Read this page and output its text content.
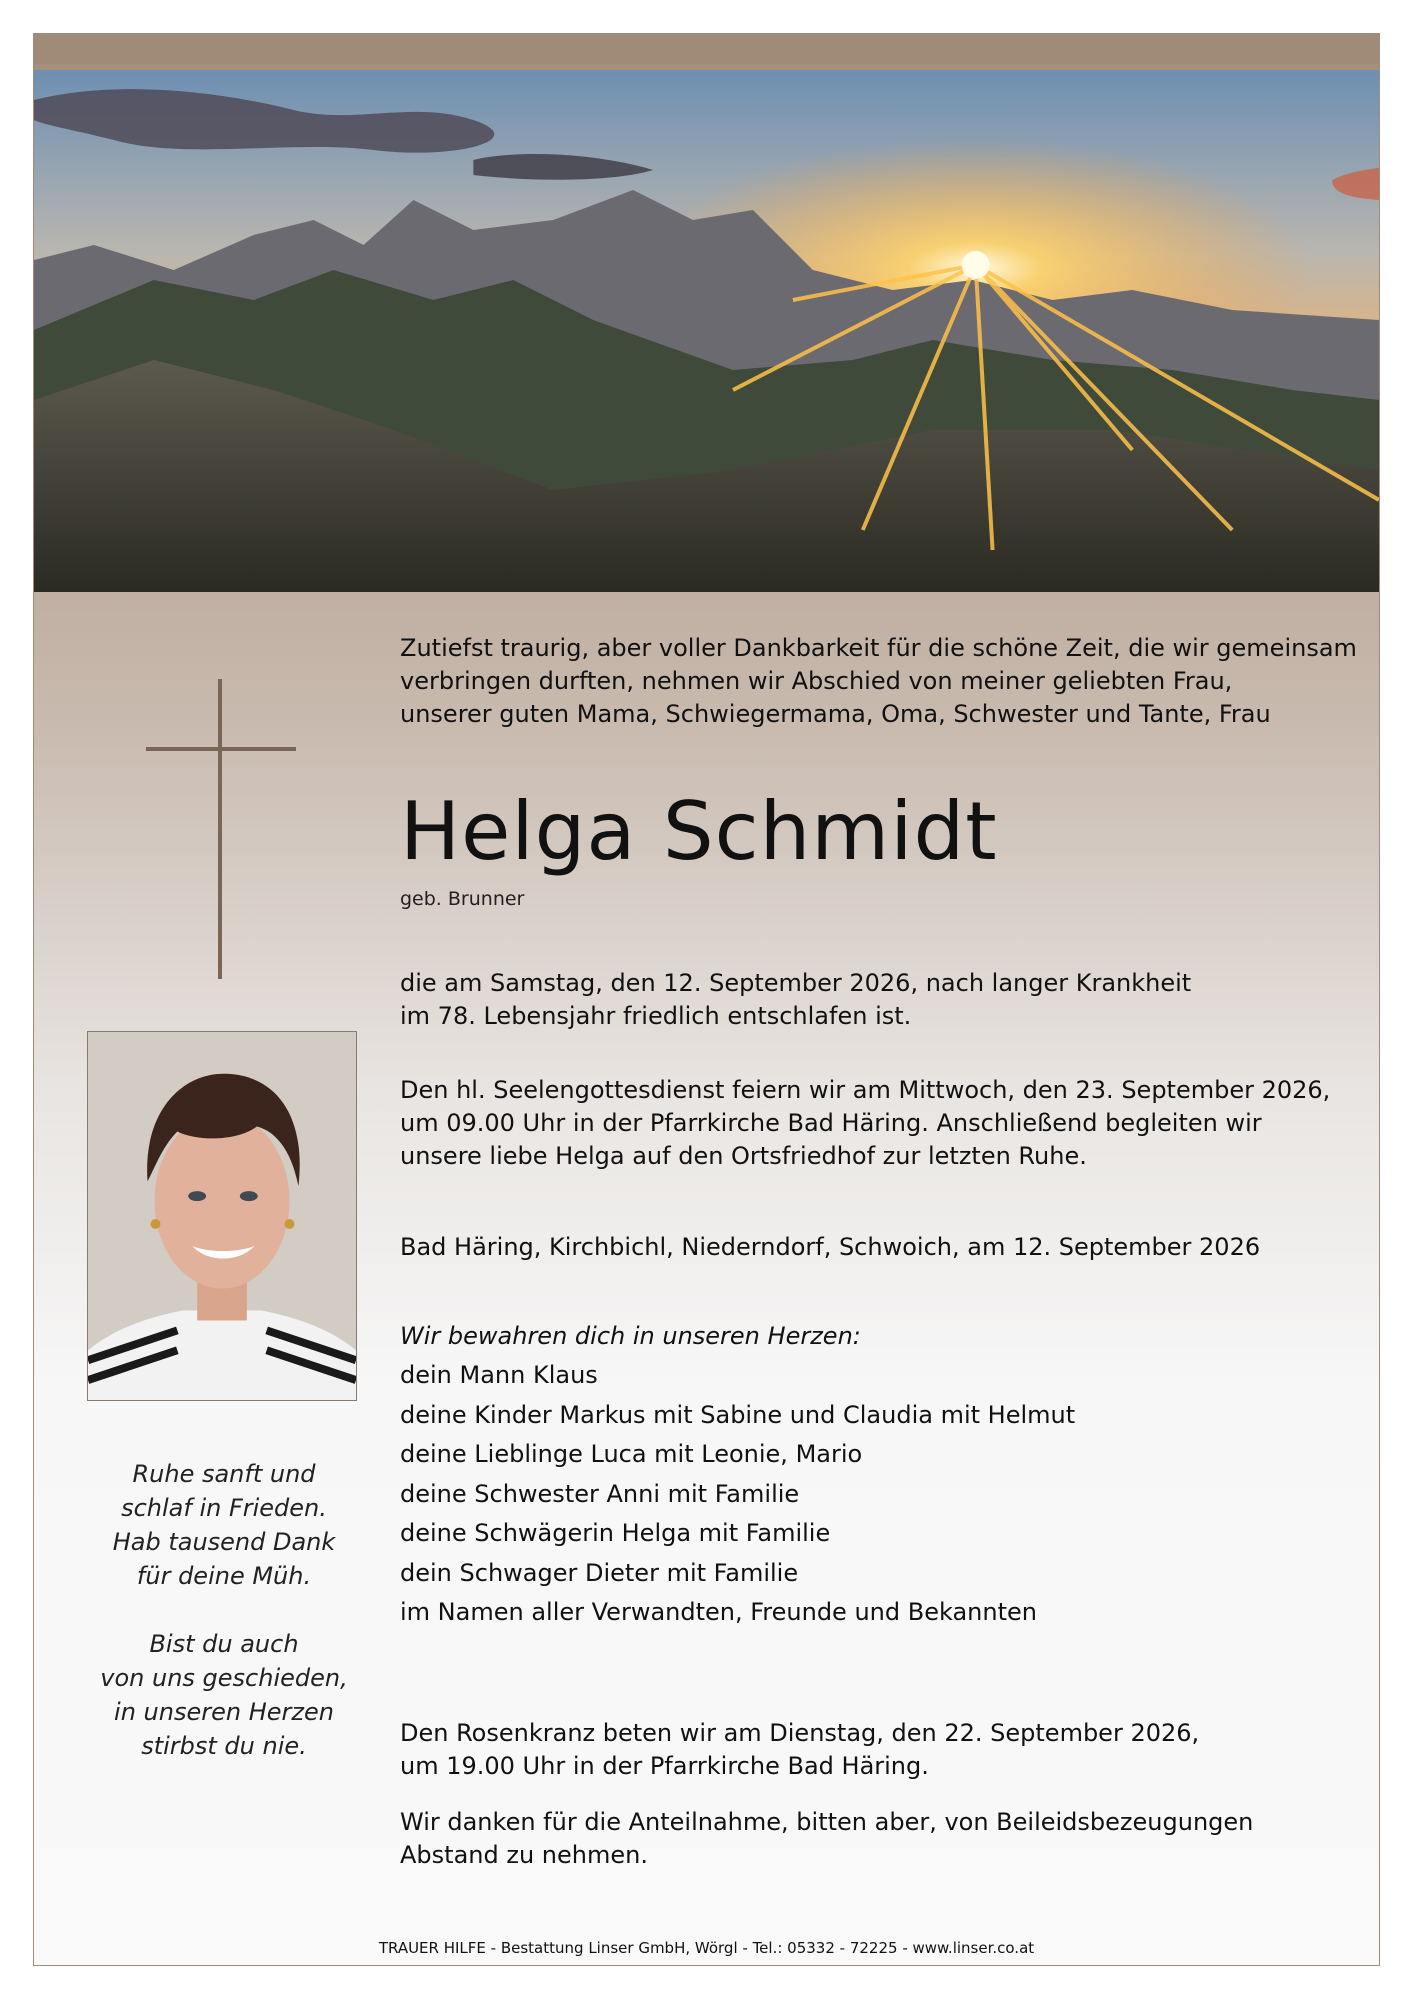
Zutiefst traurig, aber voller Dankbarkeit für die schöne Zeit, die wir gemeinsam

verbringen durften, nehmen wir Abschied von meiner geliebten Frau,

unserer guten Mama, Schwiegermama, Oma, Schwester und Tante, Frau

Helga Schmidt

geb. Brunner

die am Samstag, den 12. September 2026, nach langer Krankheit

im 78. Lebensjahr friedlich entschlafen ist.

Den hl. Seelengottesdienst feiern wir am Mittwoch, den 23. September 2026,

um 09.00 Uhr in der Pfarrkirche Bad Häring. Anschließend begleiten wir

unsere liebe Helga auf den Ortsfriedhof zur letzten Ruhe.

Bad Häring, Kirchbichl, Niederndorf, Schwoich, am 12. September 2026

Wir bewahren dich in unseren Herzen:

dein Mann Klaus

deine Kinder Markus mit Sabine und Claudia mit Helmut

deine Lieblinge Luca mit Leonie, Mario

deine Schwester Anni mit Familie

deine Schwägerin Helga mit Familie

dein Schwager Dieter mit Familie

im Namen aller Verwandten, Freunde und Bekannten

Den Rosenkranz beten wir am Dienstag, den 22. September 2026,

um 19.00 Uhr in der Pfarrkirche Bad Häring.

Wir danken für die Anteilnahme, bitten aber, von Beileidsbezeugungen

Abstand zu nehmen.

Ruhe sanft und

schlaf in Frieden.

Hab tausend Dank

für deine Müh.

Bist du auch

von uns geschieden,

in unseren Herzen

stirbst du nie.

TRAUER HILFE - Bestattung Linser GmbH, Wörgl - Tel.: 05332 - 72225 - www.linser.co.at
